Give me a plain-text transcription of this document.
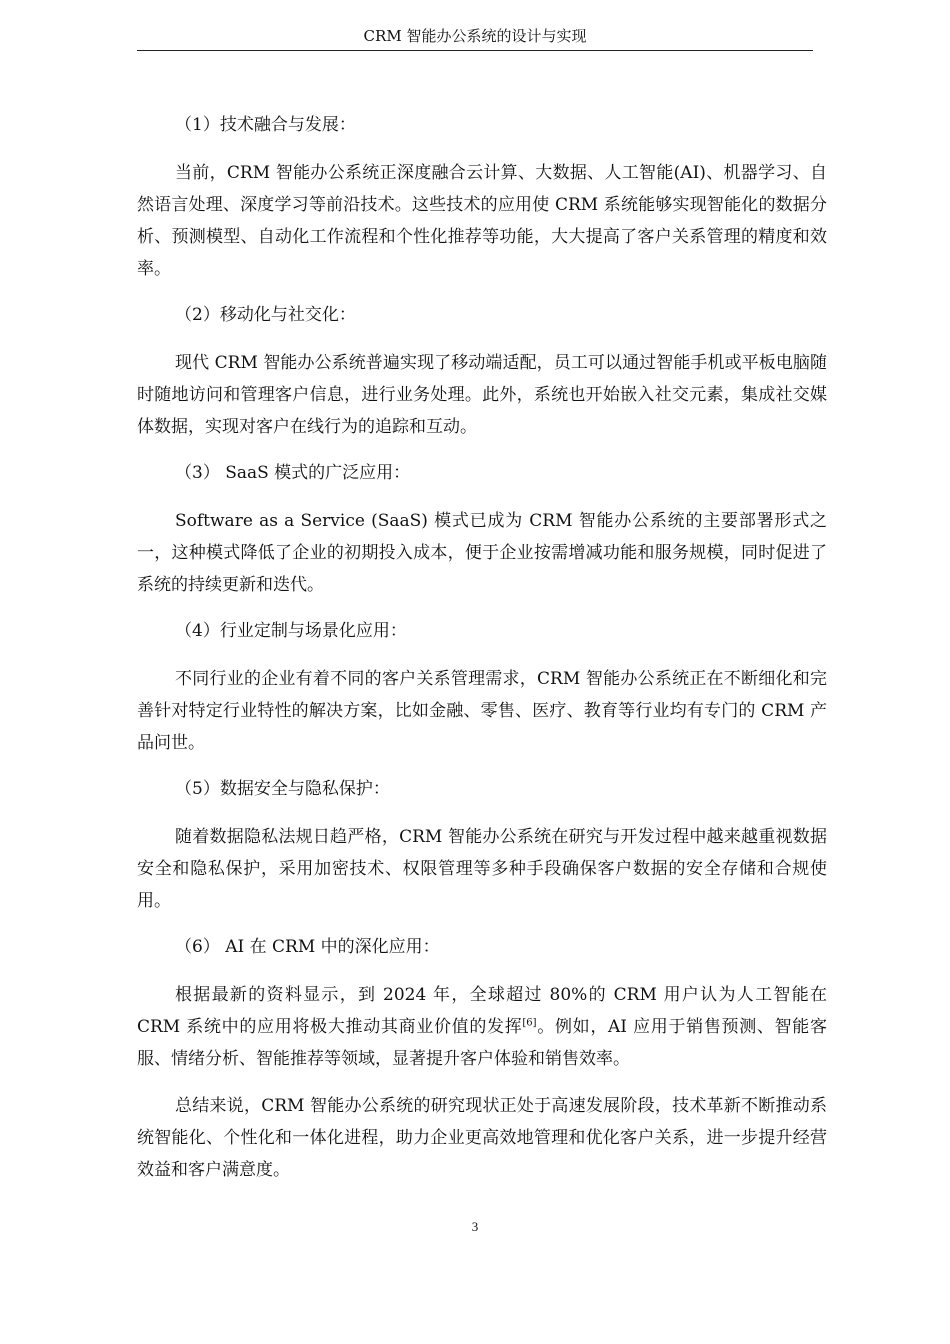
CRM 智能办公系统的设计与实现

（1）技术融合与发展：

当前，CRM 智能办公系统正深度融合云计算、大数据、人工智能(AI)、机器学习、自然语言处理、深度学习等前沿技术。这些技术的应用使 CRM 系统能够实现智能化的数据分析、预测模型、自动化工作流程和个性化推荐等功能，大大提高了客户关系管理的精度和效率。

（2）移动化与社交化：

现代 CRM 智能办公系统普遍实现了移动端适配，员工可以通过智能手机或平板电脑随时随地访问和管理客户信息，进行业务处理。此外，系统也开始嵌入社交元素，集成社交媒体数据，实现对客户在线行为的追踪和互动。

（3） SaaS 模式的广泛应用：

Software as a Service (SaaS) 模式已成为 CRM 智能办公系统的主要部署形式之一，这种模式降低了企业的初期投入成本，便于企业按需增减功能和服务规模，同时促进了系统的持续更新和迭代。

（4）行业定制与场景化应用：

不同行业的企业有着不同的客户关系管理需求，CRM 智能办公系统正在不断细化和完善针对特定行业特性的解决方案，比如金融、零售、医疗、教育等行业均有专门的 CRM 产品问世。

（5）数据安全与隐私保护：

随着数据隐私法规日趋严格，CRM 智能办公系统在研究与开发过程中越来越重视数据安全和隐私保护，采用加密技术、权限管理等多种手段确保客户数据的安全存储和合规使用。

（6） AI 在 CRM 中的深化应用：

根据最新的资料显示，到 2024 年，全球超过 80%的 CRM 用户认为人工智能在 CRM 系统中的应用将极大推动其商业价值的发挥[6]。例如，AI 应用于销售预测、智能客服、情绪分析、智能推荐等领域，显著提升客户体验和销售效率。

总结来说，CRM 智能办公系统的研究现状正处于高速发展阶段，技术革新不断推动系统智能化、个性化和一体化进程，助力企业更高效地管理和优化客户关系，进一步提升经营效益和客户满意度。

3
